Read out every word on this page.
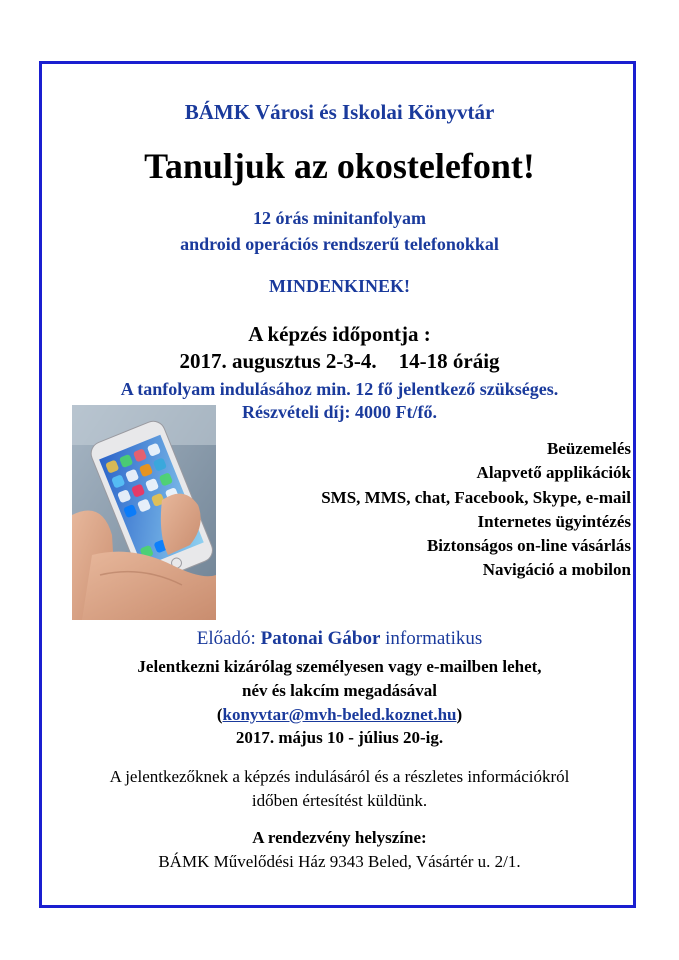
BÁMK Városi és Iskolai Könyvtár
Tanuljuk az okostelefont!
12 órás minitanfolyam
android operációs rendszerű telefonokkal
MINDENKINEK!
A képzés időpontja :
2017. augusztus 2-3-4. 14-18 óráig
A tanfolyam indulásához min. 12 fő jelentkező szükséges.
Részvételi díj: 4000 Ft/fő.
Beüzemelés
Alapvető applikációk
SMS, MMS, chat, Facebook, Skype, e-mail
Internetes ügyintézés
Biztonságos on-line vásárlás
Navigáció a mobilon
Előadó: Patonai Gábor informatikus
Jelentkezni kizárólag személyesen vagy e-mailben lehet,
név és lakcím megadásával
(konyvtar@mvh-beled.koznet.hu)
2017. május 10 - július 20-ig.
A jelentkezőknek a képzés indulásáról és a részletes információkról
időben értesítést küldünk.
A rendezvény helyszíne:
BÁMK Művelődési Ház 9343 Beled, Vásártér u. 2/1.
